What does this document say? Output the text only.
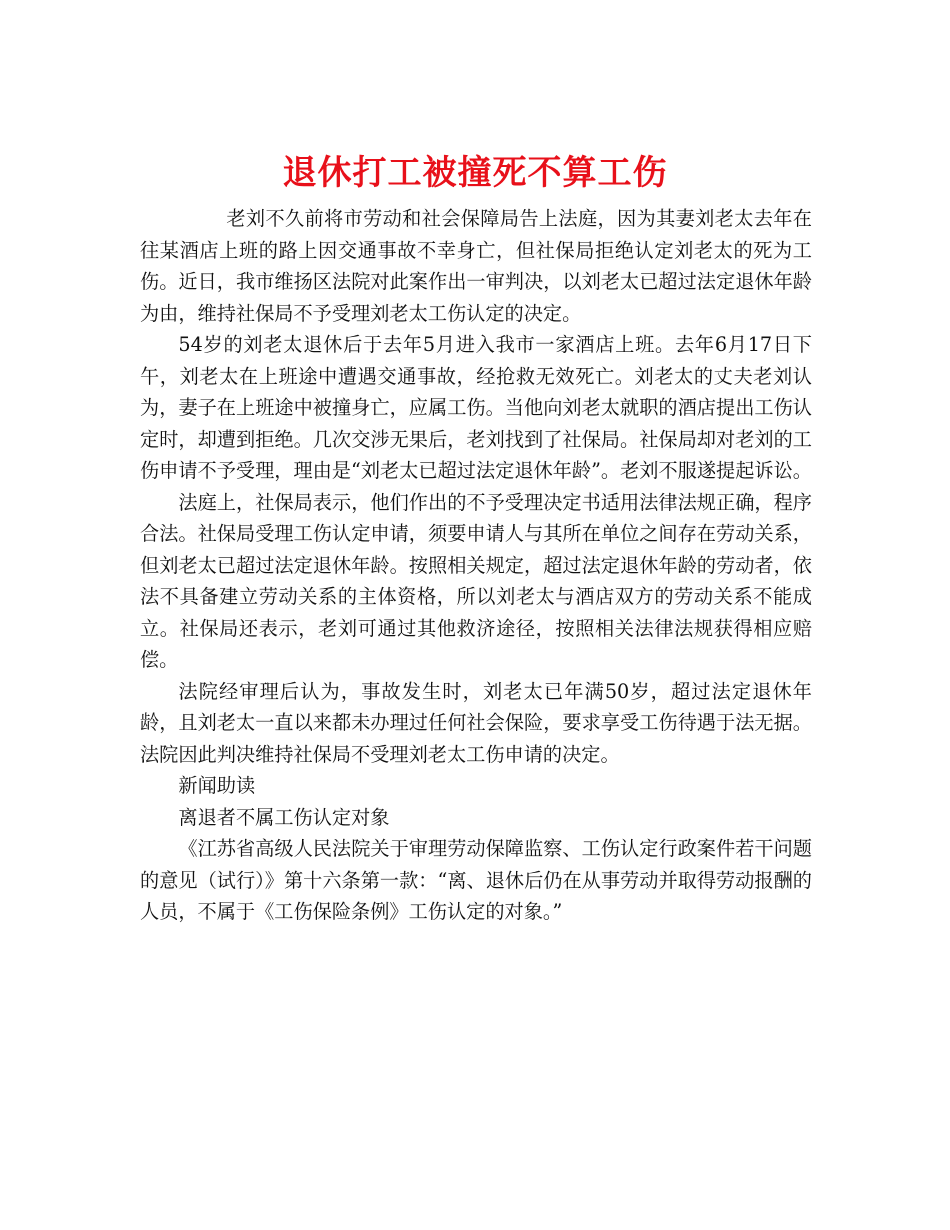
退休打工被撞死不算工伤

老刘不久前将市劳动和社会保障局告上法庭，因为其妻刘老太去年在往某酒店上班的路上因交通事故不幸身亡，但社保局拒绝认定刘老太的死为工伤。近日，我市维扬区法院对此案作出一审判决，以刘老太已超过法定退休年龄为由，维持社保局不予受理刘老太工伤认定的决定。

54岁的刘老太退休后于去年5月进入我市一家酒店上班。去年6月17日下午，刘老太在上班途中遭遇交通事故，经抢救无效死亡。刘老太的丈夫老刘认为，妻子在上班途中被撞身亡，应属工伤。当他向刘老太就职的酒店提出工伤认定时，却遭到拒绝。几次交涉无果后，老刘找到了社保局。社保局却对老刘的工伤申请不予受理，理由是“刘老太已超过法定退休年龄”。老刘不服遂提起诉讼。

法庭上，社保局表示，他们作出的不予受理决定书适用法律法规正确，程序合法。社保局受理工伤认定申请，须要申请人与其所在单位之间存在劳动关系，但刘老太已超过法定退休年龄。按照相关规定，超过法定退休年龄的劳动者，依法不具备建立劳动关系的主体资格，所以刘老太与酒店双方的劳动关系不能成立。社保局还表示，老刘可通过其他救济途径，按照相关法律法规获得相应赔偿。

法院经审理后认为，事故发生时，刘老太已年满50岁，超过法定退休年龄，且刘老太一直以来都未办理过任何社会保险，要求享受工伤待遇于法无据。法院因此判决维持社保局不受理刘老太工伤申请的决定。

新闻助读

离退者不属工伤认定对象

《江苏省高级人民法院关于审理劳动保障监察、工伤认定行政案件若干问题的意见（试行）》第十六条第一款：“离、退休后仍在从事劳动并取得劳动报酬的人员，不属于《工伤保险条例》工伤认定的对象。”
